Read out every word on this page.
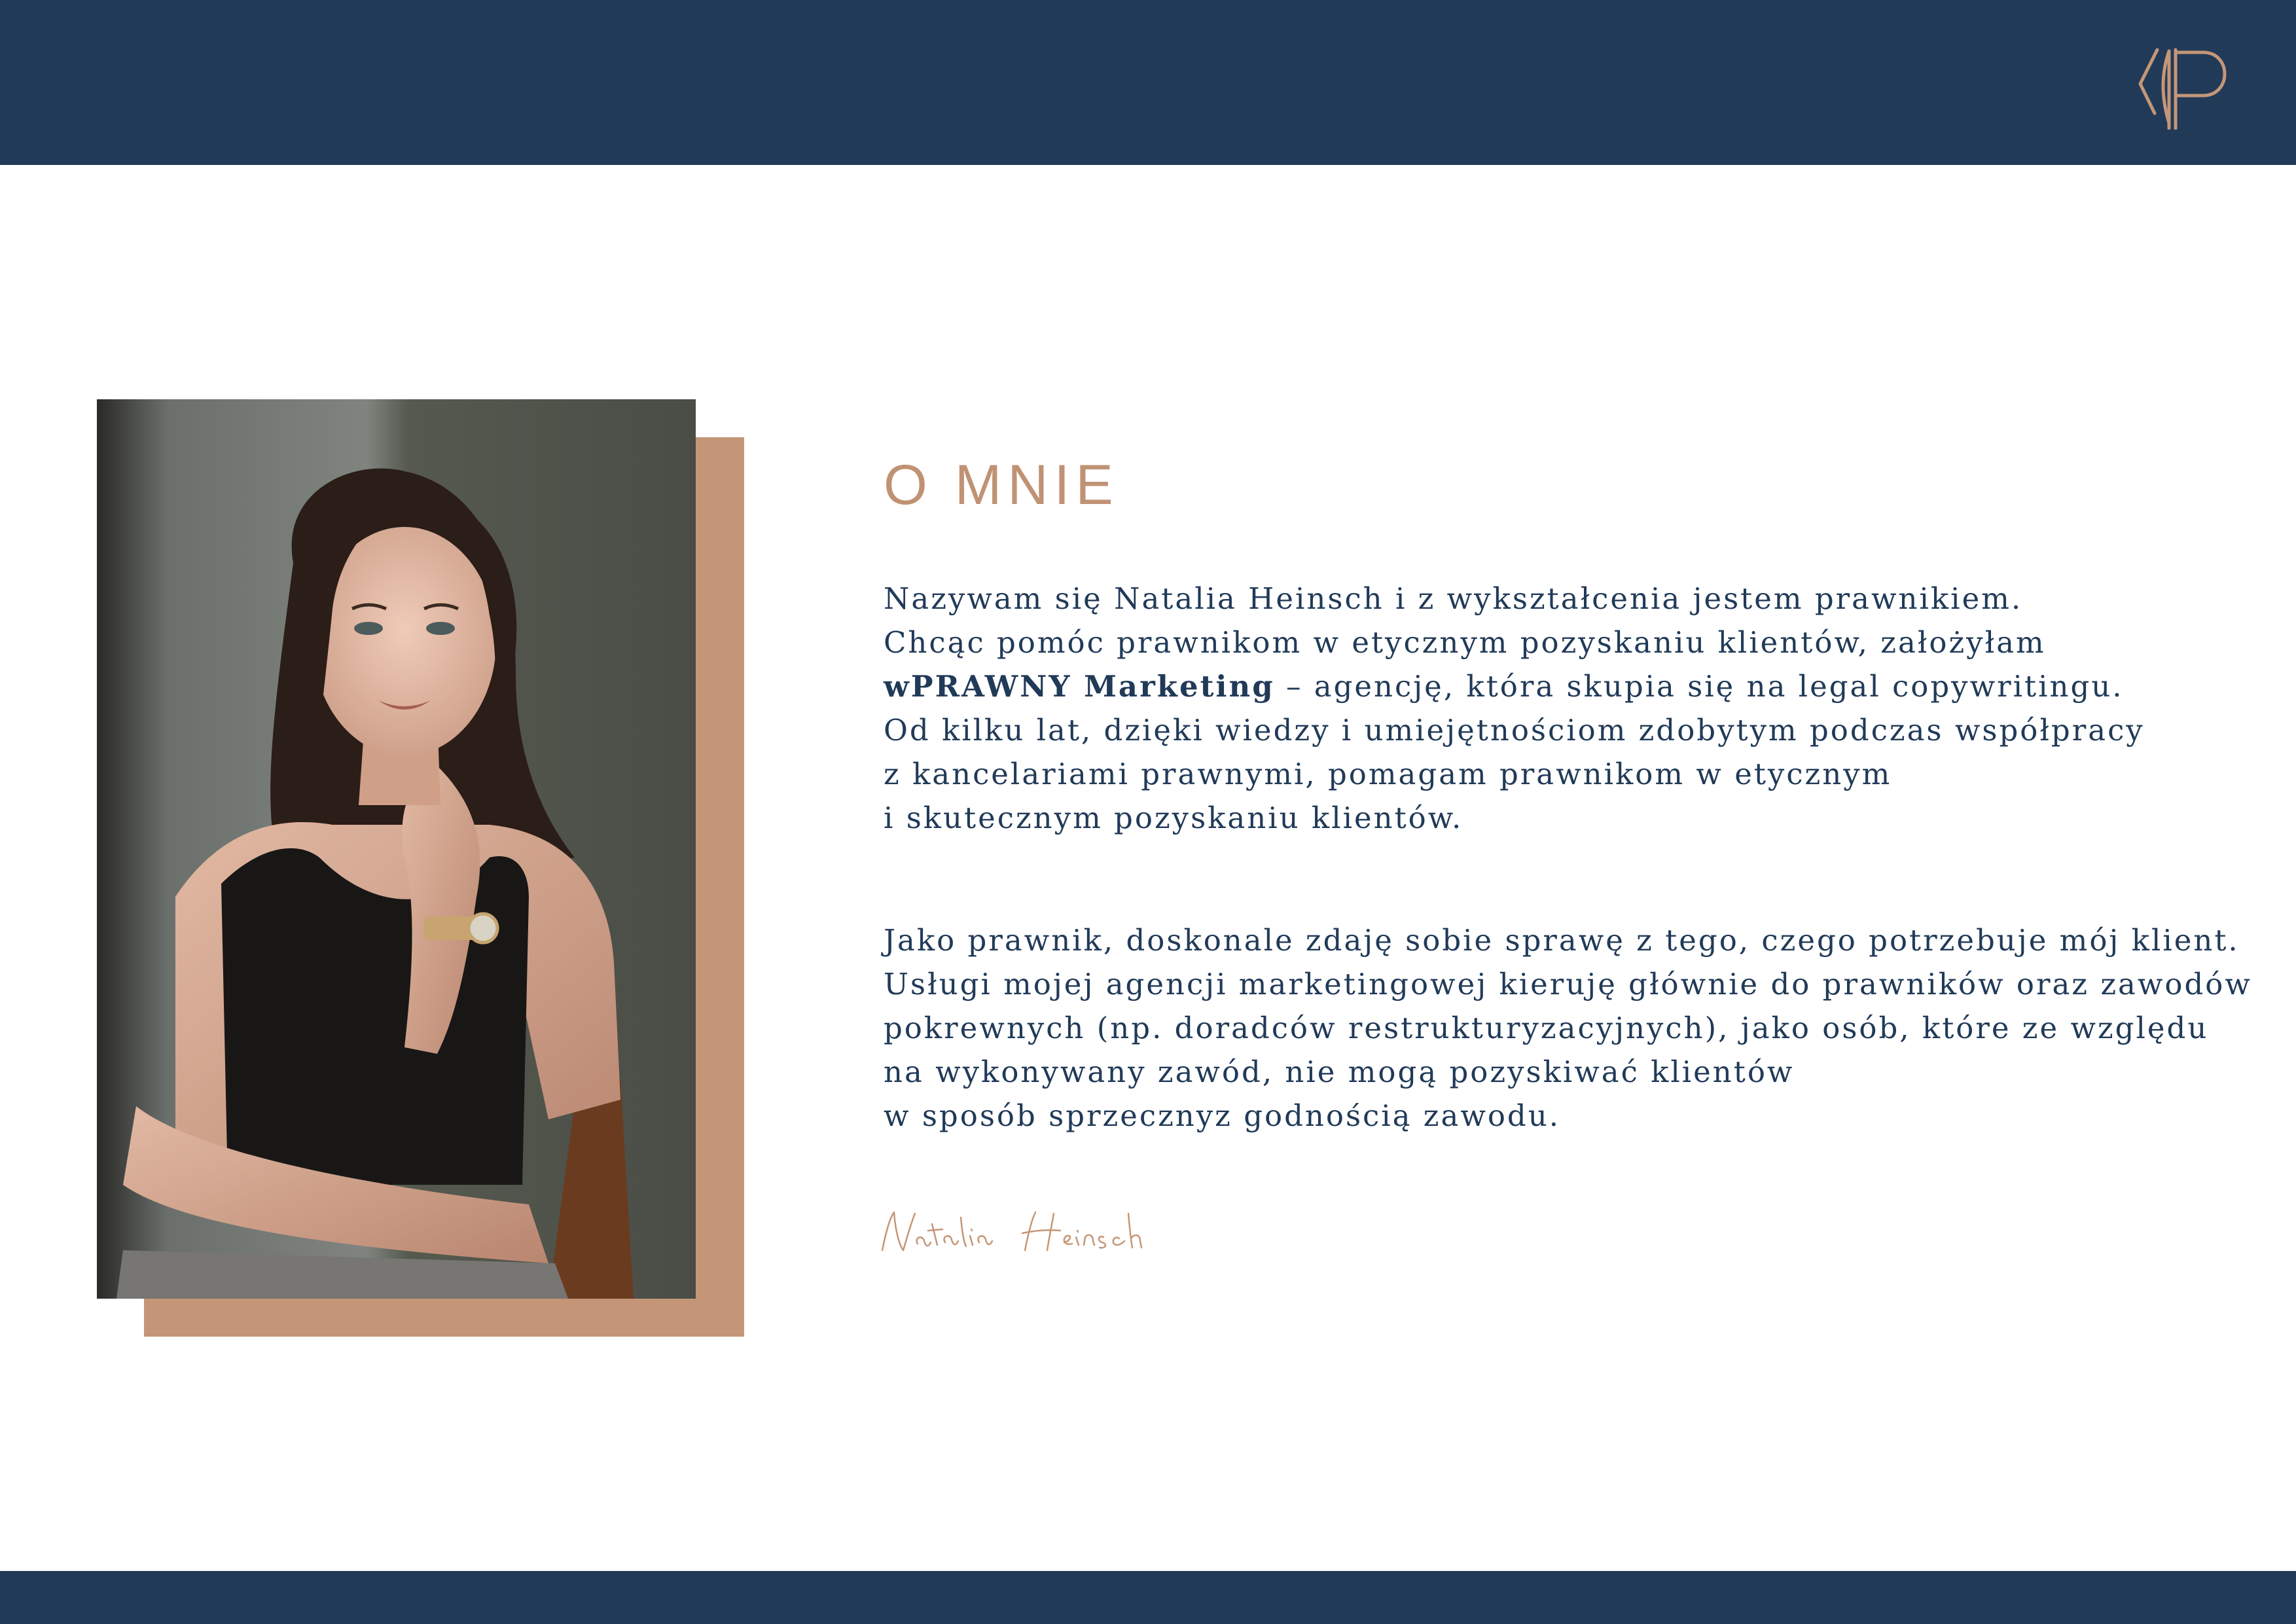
O MNIE

Nazywam się Natalia Heinsch i z wykształcenia jestem prawnikiem.
Chcąc pomóc prawnikom w etycznym pozyskaniu klientów, założyłam
wPRAWNY Marketing – agencję, która skupia się na legal copywritingu.
Od kilku lat, dzięki wiedzy i umiejętnościom zdobytym podczas współpracy
z kancelariami prawnymi, pomagam prawnikom w etycznym
i skutecznym pozyskaniu klientów.

Jako prawnik, doskonale zdaję sobie sprawę z tego, czego potrzebuje mój klient.
Usługi mojej agencji marketingowej kieruję głównie do prawników oraz zawodów
pokrewnych (np. doradców restrukturyzacyjnych), jako osób, które ze względu
na wykonywany zawód, nie mogą pozyskiwać klientów
w sposób sprzecznyz godnością zawodu.
